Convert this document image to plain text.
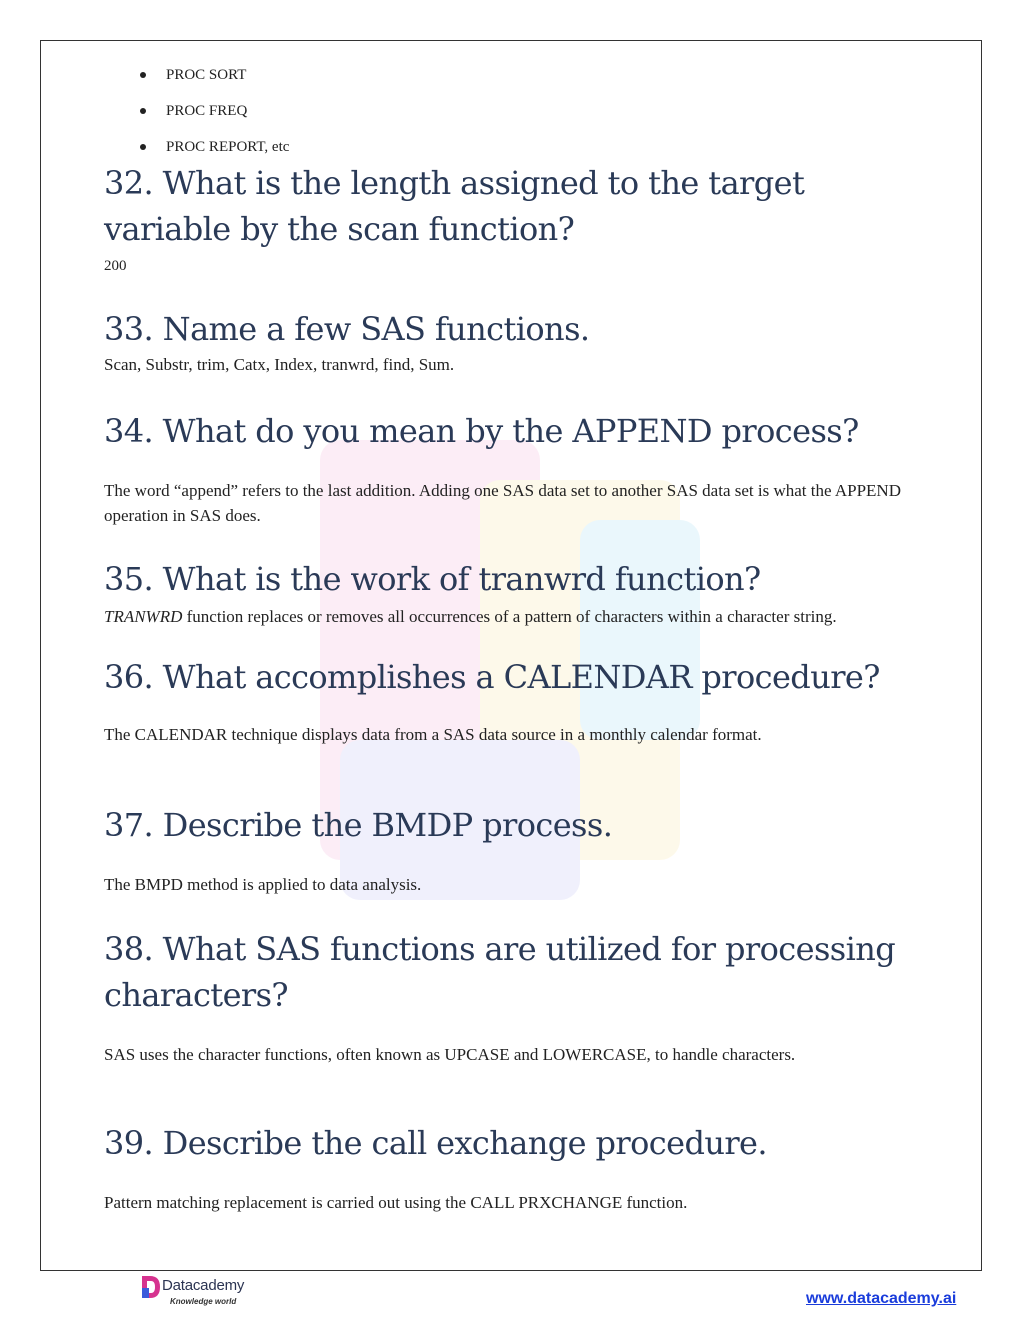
PROC SORT
PROC FREQ
PROC REPORT, etc
32. What is the length assigned to the target variable by the scan function?

200

33. Name a few SAS functions.

Scan, Substr, trim, Catx, Index, tranwrd, find, Sum.

34. What do you mean by the APPEND process?

The word “append” refers to the last addition. Adding one SAS data set to another SAS data set is what the APPEND operation in SAS does.

35. What is the work of tranwrd function?

TRANWRD function replaces or removes all occurrences of a pattern of characters within a character string.

36. What accomplishes a CALENDAR procedure?

The CALENDAR technique displays data from a SAS data source in a monthly calendar format.

37. Describe the BMDP process.

The BMPD method is applied to data analysis.

38. What SAS functions are utilized for processing characters?

SAS uses the character functions, often known as UPCASE and LOWERCASE, to handle characters.

39. Describe the call exchange procedure.

Pattern matching replacement is carried out using the CALL PRXCHANGE function.

Datacademy
Knowledge world	www.datacademy.ai
